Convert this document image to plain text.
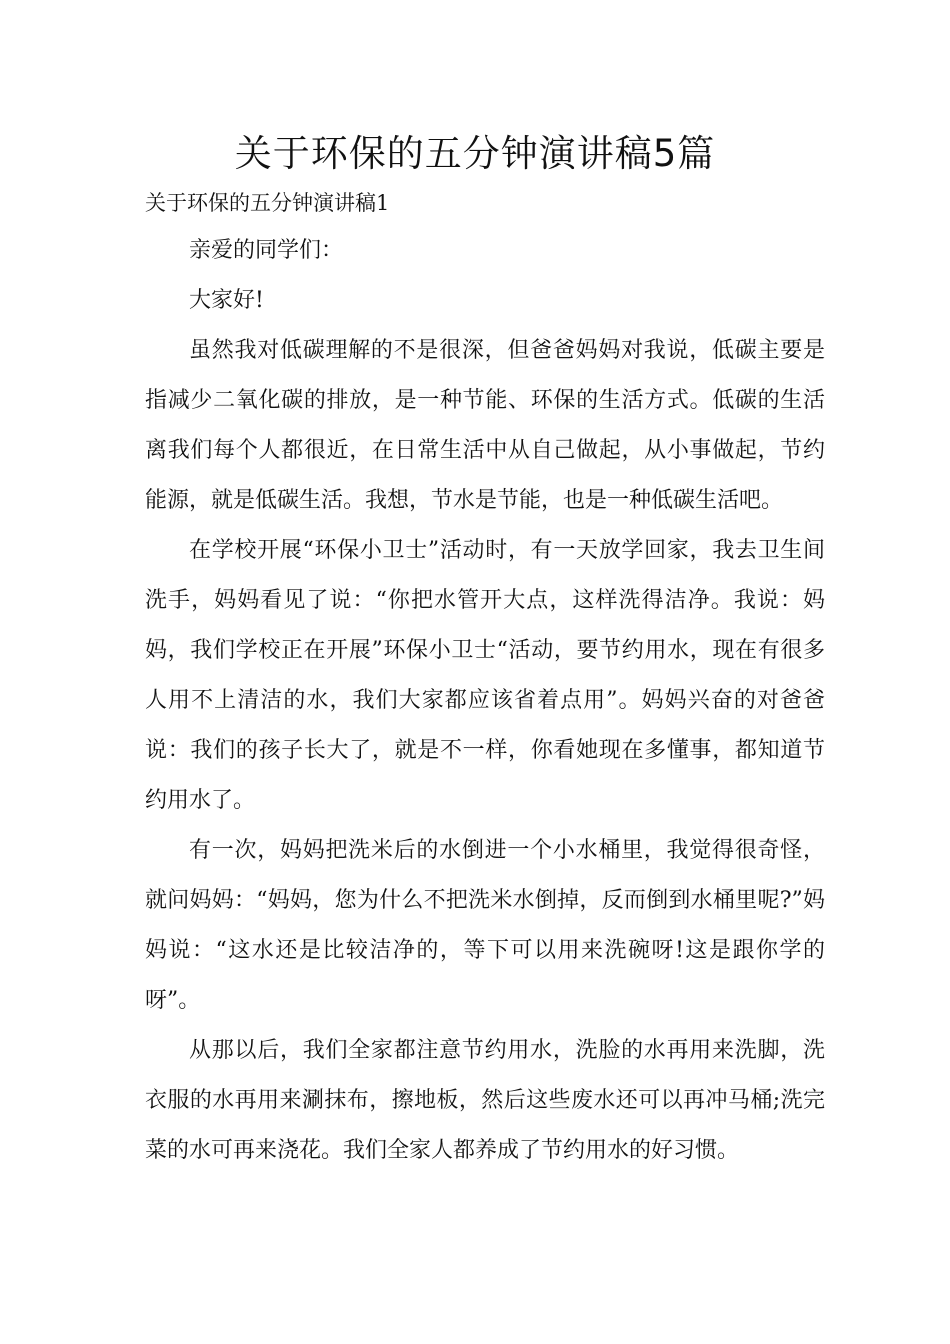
关于环保的五分钟演讲稿5篇

关于环保的五分钟演讲稿1

亲爱的同学们：

大家好!

虽然我对低碳理解的不是很深，但爸爸妈妈对我说，低碳主要是指减少二氧化碳的排放，是一种节能、环保的生活方式。低碳的生活离我们每个人都很近，在日常生活中从自己做起，从小事做起，节约能源，就是低碳生活。我想，节水是节能，也是一种低碳生活吧。

在学校开展“环保小卫士”活动时，有一天放学回家，我去卫生间洗手，妈妈看见了说：“你把水管开大点，这样洗得洁净。我说：妈妈，我们学校正在开展”环保小卫士“活动，要节约用水，现在有很多人用不上清洁的水，我们大家都应该省着点用”。妈妈兴奋的对爸爸说：我们的孩子长大了，就是不一样，你看她现在多懂事，都知道节约用水了。

有一次，妈妈把洗米后的水倒进一个小水桶里，我觉得很奇怪，就问妈妈：“妈妈，您为什么不把洗米水倒掉，反而倒到水桶里呢?”妈妈说：“这水还是比较洁净的，等下可以用来洗碗呀!这是跟你学的呀”。

从那以后，我们全家都注意节约用水，洗脸的水再用来洗脚，洗衣服的水再用来涮抹布，擦地板，然后这些废水还可以再冲马桶;洗完菜的水可再来浇花。我们全家人都养成了节约用水的好习惯。
